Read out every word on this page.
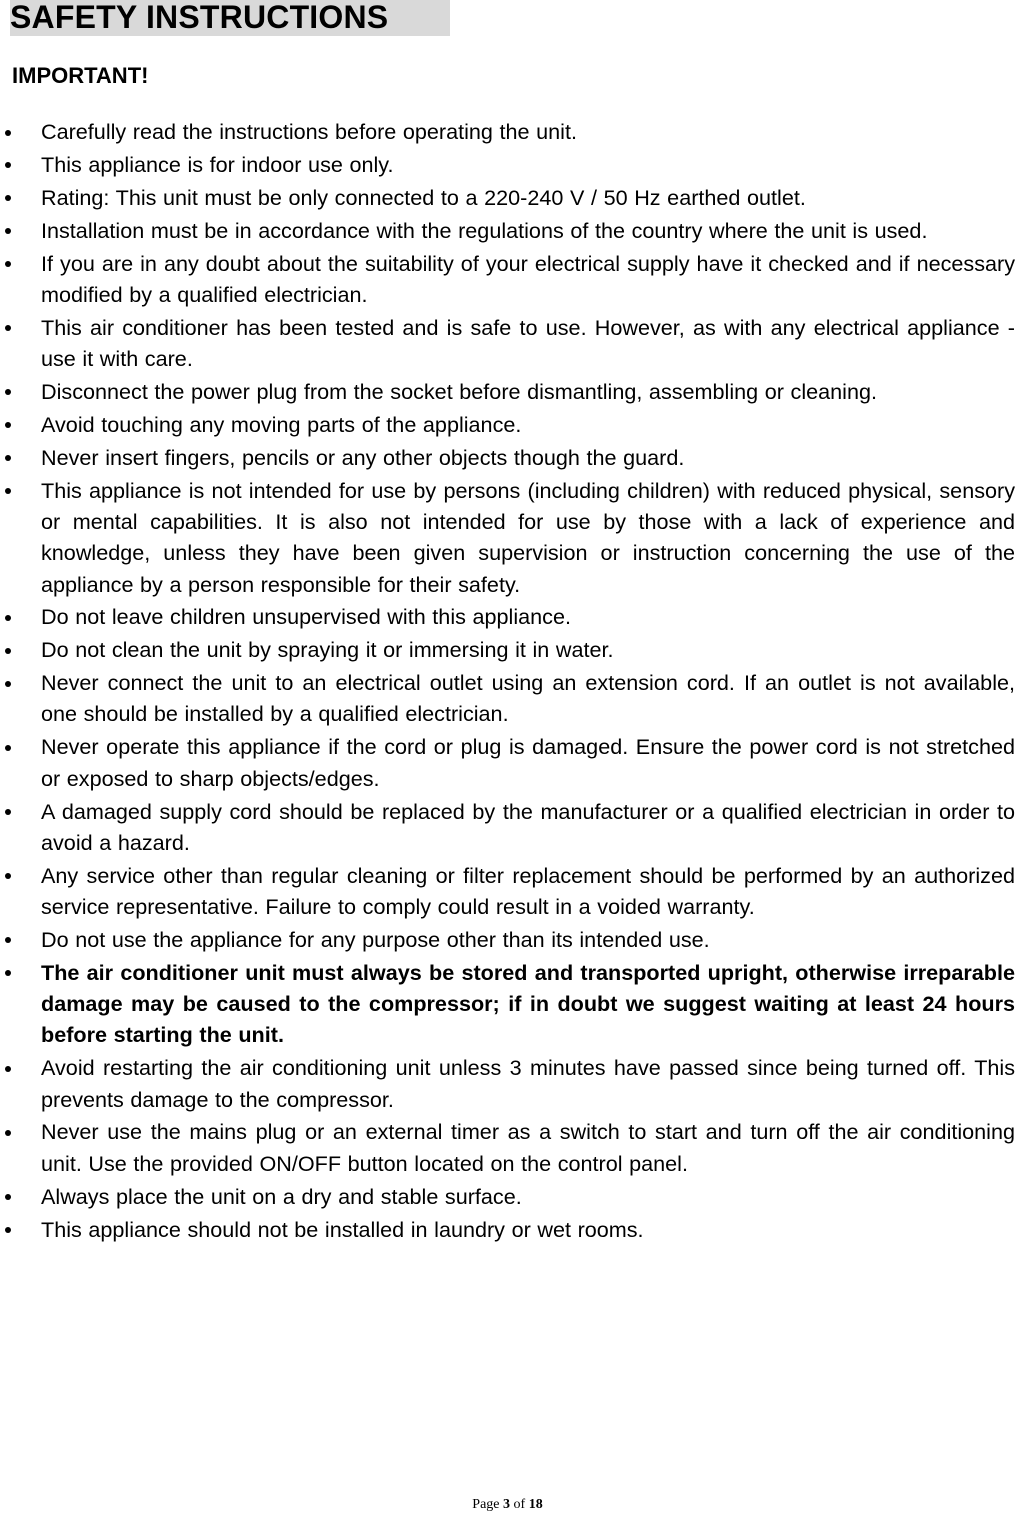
SAFETY INSTRUCTIONS
IMPORTANT!
Carefully read the instructions before operating the unit.
This appliance is for indoor use only.
Rating: This unit must be only connected to a 220-240 V / 50 Hz earthed outlet.
Installation must be in accordance with the regulations of the country where the unit is used.
If you are in any doubt about the suitability of your electrical supply have it checked and if necessary modified by a qualified electrician.
This air conditioner has been tested and is safe to use. However, as with any electrical appliance - use it with care.
Disconnect the power plug from the socket before dismantling, assembling or cleaning.
Avoid touching any moving parts of the appliance.
Never insert fingers, pencils or any other objects though the guard.
This appliance is not intended for use by persons (including children) with reduced physical, sensory or mental capabilities. It is also not intended for use by those with a lack of experience and knowledge, unless they have been given supervision or instruction concerning the use of the appliance by a person responsible for their safety.
Do not leave children unsupervised with this appliance.
Do not clean the unit by spraying it or immersing it in water.
Never connect the unit to an electrical outlet using an extension cord. If an outlet is not available, one should be installed by a qualified electrician.
Never operate this appliance if the cord or plug is damaged. Ensure the power cord is not stretched or exposed to sharp objects/edges.
A damaged supply cord should be replaced by the manufacturer or a qualified electrician in order to avoid a hazard.
Any service other than regular cleaning or filter replacement should be performed by an authorized service representative. Failure to comply could result in a voided warranty.
Do not use the appliance for any purpose other than its intended use.
The air conditioner unit must always be stored and transported upright, otherwise irreparable damage may be caused to the compressor; if in doubt we suggest waiting at least 24 hours before starting the unit.
Avoid restarting the air conditioning unit unless 3 minutes have passed since being turned off. This prevents damage to the compressor.
Never use the mains plug or an external timer as a switch to start and turn off the air conditioning unit. Use the provided ON/OFF button located on the control panel.
Always place the unit on a dry and stable surface.
This appliance should not be installed in laundry or wet rooms.
Page 3 of 18
